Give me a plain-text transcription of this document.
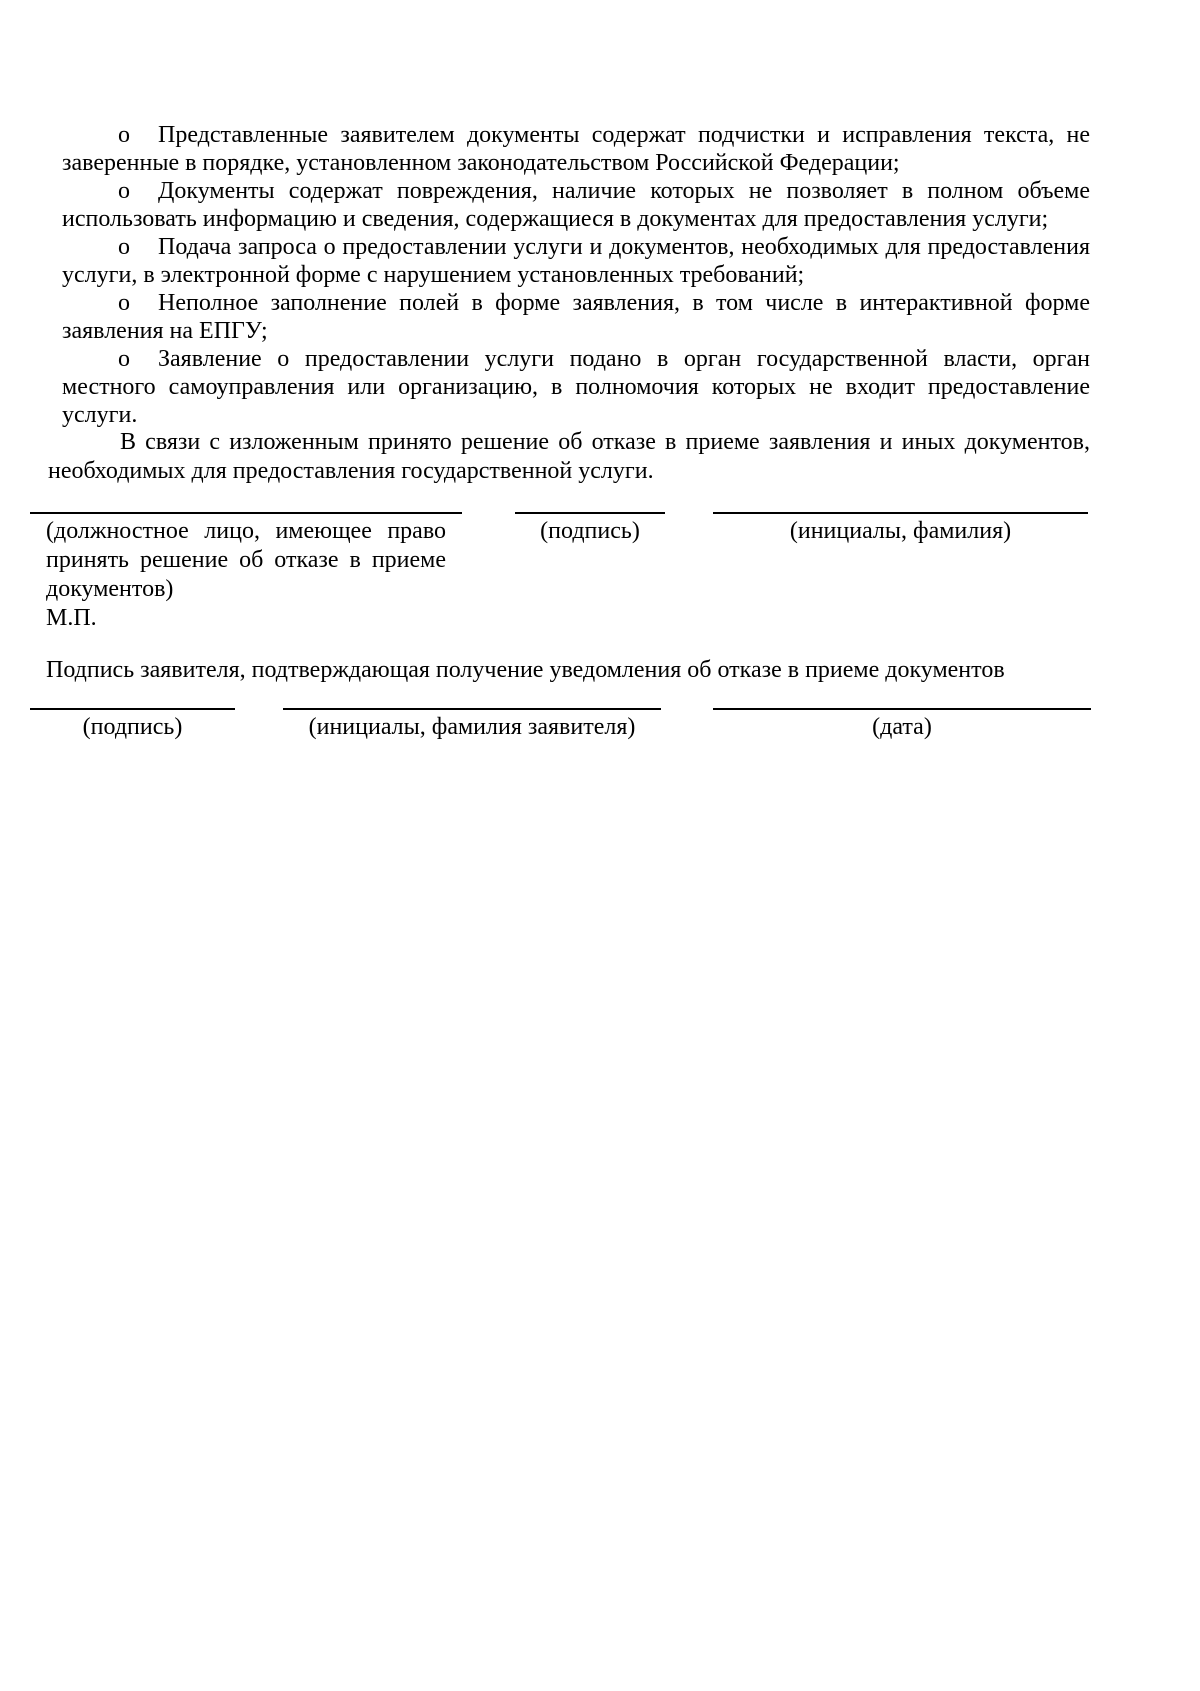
o Представленные заявителем документы содержат подчистки и исправления текста, не заверенные в порядке, установленном законодательством Российской Федерации;

o Документы содержат повреждения, наличие которых не позволяет в полном объеме использовать информацию и сведения, содержащиеся в документах для предоставления услуги;

o Подача запроса о предоставлении услуги и документов, необходимых для предоставления услуги, в электронной форме с нарушением установленных требований;

o Неполное заполнение полей в форме заявления, в том числе в интерактивной форме заявления на ЕПГУ;

o Заявление о предоставлении услуги подано в орган государственной власти, орган местного самоуправления или организацию, в полномочия которых не входит предоставление услуги.

В связи с изложенным принято решение об отказе в приеме заявления и иных документов, необходимых для предоставления государственной услуги.

(должностное лицо, имеющее право принять решение об отказе в приеме документов)

(подпись)	(инициалы, фамилия)

М.П.

Подпись заявителя, подтверждающая получение уведомления об отказе в приеме документов

(подпись)	(инициалы, фамилия заявителя)	(дата)
